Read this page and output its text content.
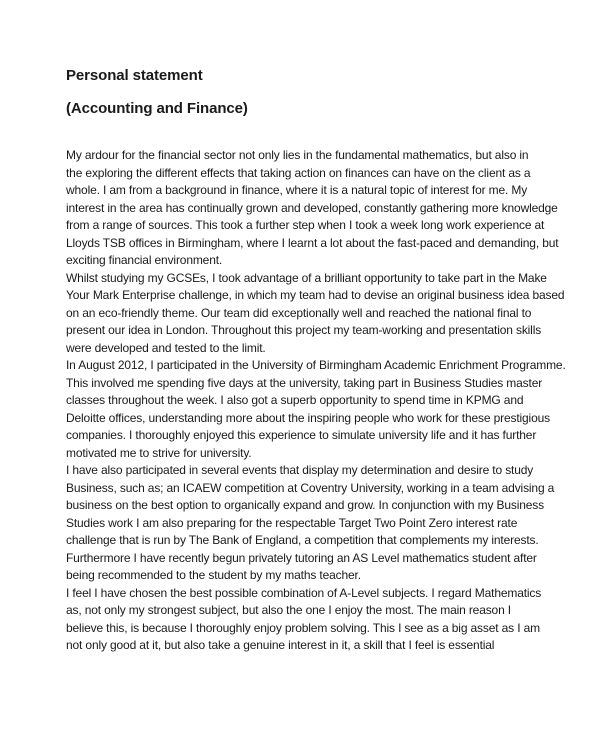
Personal statement
(Accounting and Finance)
My ardour for the financial sector not only lies in the fundamental mathematics, but also in
the exploring the different effects that taking action on finances can have on the client as a
whole. I am from a background in finance, where it is a natural topic of interest for me. My
interest in the area has continually grown and developed, constantly gathering more knowledge
from a range of sources. This took a further step when I took a week long work experience at
Lloyds TSB offices in Birmingham, where I learnt a lot about the fast-paced and demanding, but
exciting financial environment.
Whilst studying my GCSEs, I took advantage of a brilliant opportunity to take part in the Make
Your Mark Enterprise challenge, in which my team had to devise an original business idea based
on an eco-friendly theme. Our team did exceptionally well and reached the national final to
present our idea in London. Throughout this project my team-working and presentation skills
were developed and tested to the limit.
In August 2012, I participated in the University of Birmingham Academic Enrichment Programme.
This involved me spending five days at the university, taking part in Business Studies master
classes throughout the week. I also got a superb opportunity to spend time in KPMG and
Deloitte offices, understanding more about the inspiring people who work for these prestigious
companies. I thoroughly enjoyed this experience to simulate university life and it has further
motivated me to strive for university.
I have also participated in several events that display my determination and desire to study
Business, such as; an ICAEW competition at Coventry University, working in a team advising a
business on the best option to organically expand and grow. In conjunction with my Business
Studies work I am also preparing for the respectable Target Two Point Zero interest rate
challenge that is run by The Bank of England, a competition that complements my interests.
Furthermore I have recently begun privately tutoring an AS Level mathematics student after
being recommended to the student by my maths teacher.
I feel I have chosen the best possible combination of A-Level subjects. I regard Mathematics
as, not only my strongest subject, but also the one I enjoy the most. The main reason I
believe this, is because I thoroughly enjoy problem solving. This I see as a big asset as I am
not only good at it, but also take a genuine interest in it, a skill that I feel is essential
